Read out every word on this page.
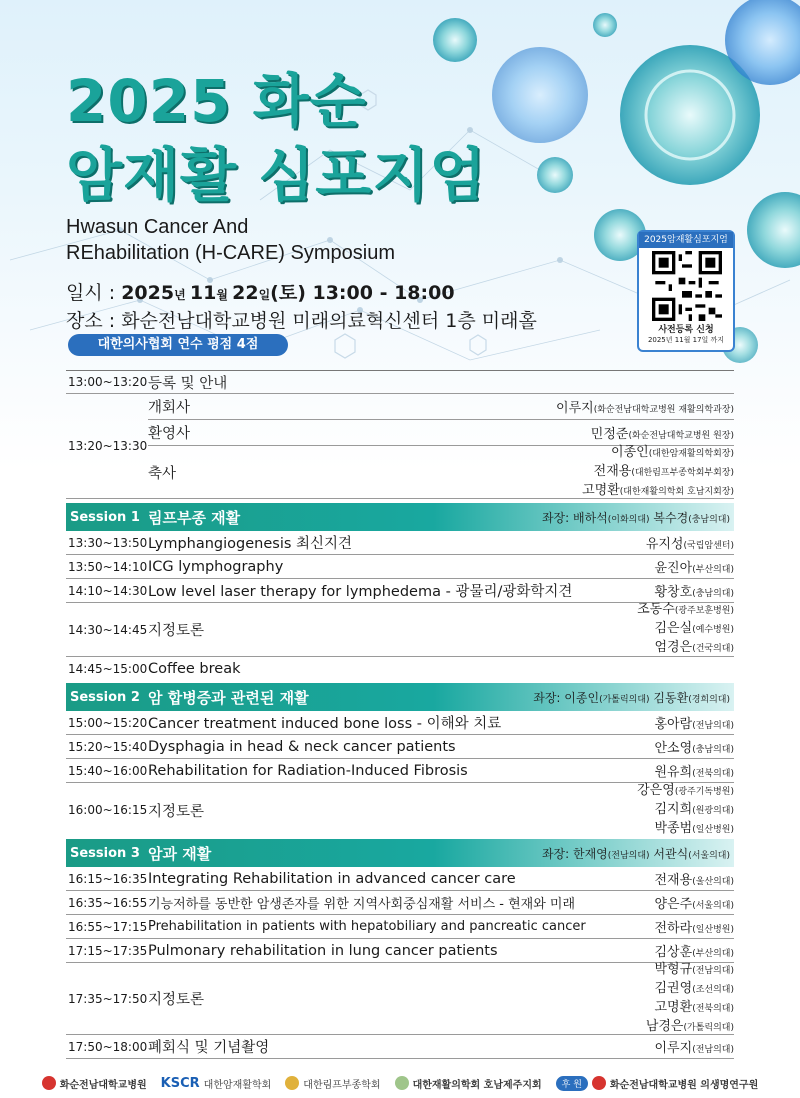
2025 화순
암재활 심포지엄
Hwasun Cancer And
REhabilitation (H-CARE) Symposium
일시 : 2025년 11월 22일(토) 13:00 - 18:00
장소 : 화순전남대학교병원 미래의료혁신센터 1층 미래홀
대한의사협회 연수 평점 4점
2025암재활심포지엄
사전등록 신청
2025년 11월 17일 까지
13:00~13:20 등록 및 안내
13:20~13:30
개회사	이루지(화순전남대학교병원 재활의학과장)
환영사	민정준(화순전남대학교병원 원장)
축사
이종인(대한암재활의학회장)
전재용(대한림프부종학회부회장)
고명환(대한재활의학회 호남지회장)
Session 1 림프부종 재활	좌장: 배하석(이화의대) 복수경(충남의대)
13:30~13:50 Lymphangiogenesis 최신지견	유지성(국립암센터)
13:50~14:10 ICG lymphography	윤진아(부산의대)
14:10~14:30 Low level laser therapy for lymphedema - 광물리/광화학지견	황창호(충남의대)
14:30~14:45 지정토론
조동수(광주보훈병원)
김은실(예수병원)
엄경은(건국의대)
14:45~15:00 Coffee break
Session 2 암 합병증과 관련된 재활	좌장: 이종인(가톨릭의대) 김동환(경희의대)
15:00~15:20 Cancer treatment induced bone loss - 이해와 치료	홍아람(전남의대)
15:20~15:40 Dysphagia in head & neck cancer patients	안소영(충남의대)
15:40~16:00 Rehabilitation for Radiation-Induced Fibrosis	원유희(전북의대)
16:00~16:15 지정토론
강은영(광주기독병원)
김지희(원광의대)
박종범(일산병원)
Session 3 암과 재활	좌장: 한재영(전남의대) 서관식(서울의대)
16:15~16:35 Integrating Rehabilitation in advanced cancer care	전재용(울산의대)
16:35~16:55 기능저하를 동반한 암생존자를 위한 지역사회중심재활 서비스 - 현재와 미래	양은주(서울의대)
16:55~17:15 Prehabilitation in patients with hepatobiliary and pancreatic cancer	전하라(일산병원)
17:15~17:35 Pulmonary rehabilitation in lung cancer patients	김상훈(부산의대)
17:35~17:50 지정토론
박형규(전남의대)
김권영(조선의대)
고명환(전북의대)
남경은(가톨릭의대)
17:50~18:00 폐회식 및 기념촬영	이루지(전남의대)
화순전남대학교병원 KSCR 대한암재활학회	대한림프부종학회	대한재활의학회 호남제주지회	후 원	화순전남대학교병원 의생명연구원
